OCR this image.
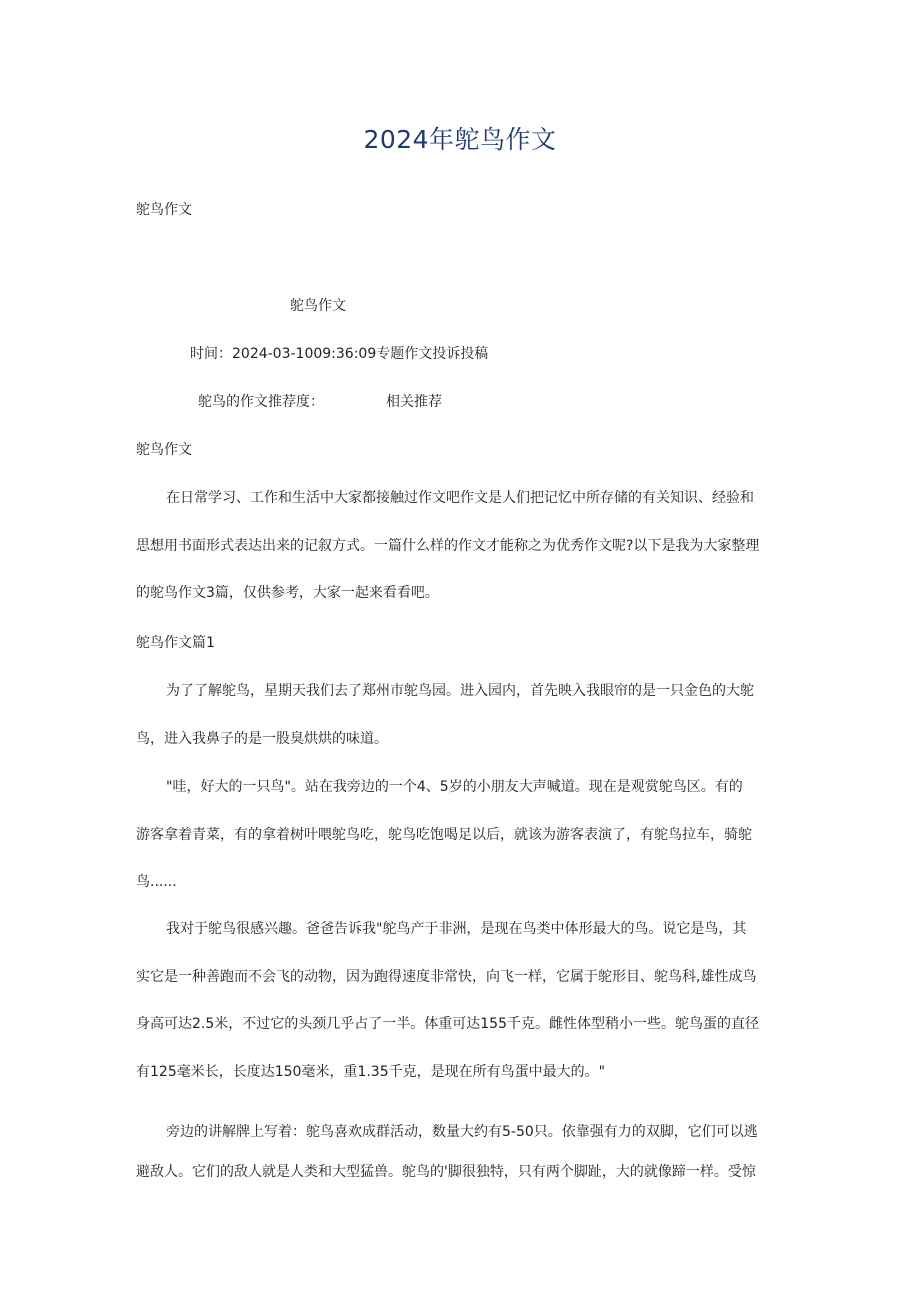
2024年鸵鸟作文
鸵鸟作文
鸵鸟作文
时间：2024-03-1009:36:09专题作文投诉投稿
鸵鸟的作文推荐度：	相关推荐
鸵鸟作文
在日常学习、工作和生活中大家都接触过作文吧作文是人们把记忆中所存储的有关知识、经验和
思想用书面形式表达出来的记叙方式。一篇什么样的作文才能称之为优秀作文呢?以下是我为大家整理
的鸵鸟作文3篇，仅供参考，大家一起来看看吧。
鸵鸟作文篇1
为了了解鸵鸟，星期天我们去了郑州市鸵鸟园。进入园内，首先映入我眼帘的是一只金色的大鸵
鸟，进入我鼻子的是一股臭烘烘的味道。
"哇，好大的一只鸟"。站在我旁边的一个4、5岁的小朋友大声喊道。现在是观赏鸵鸟区。有的
游客拿着青菜，有的拿着树叶喂鸵鸟吃，鸵鸟吃饱喝足以后，就该为游客表演了，有鸵鸟拉车，骑鸵
鸟......
我对于鸵鸟很感兴趣。爸爸告诉我"鸵鸟产于非洲，是现在鸟类中体形最大的鸟。说它是鸟，其
实它是一种善跑而不会飞的动物，因为跑得速度非常快，向飞一样，它属于鸵形目、鸵鸟科,雄性成鸟
身高可达2.5米，不过它的头颈几乎占了一半。体重可达155千克。雌性体型稍小一些。鸵鸟蛋的直径
有125毫米长，长度达150毫米，重1.35千克，是现在所有鸟蛋中最大的。"
旁边的讲解牌上写着：鸵鸟喜欢成群活动，数量大约有5-50只。依靠强有力的双脚，它们可以逃
避敌人。它们的敌人就是人类和大型猛兽。鸵鸟的'脚很独特，只有两个脚趾，大的就像蹄一样。受惊
